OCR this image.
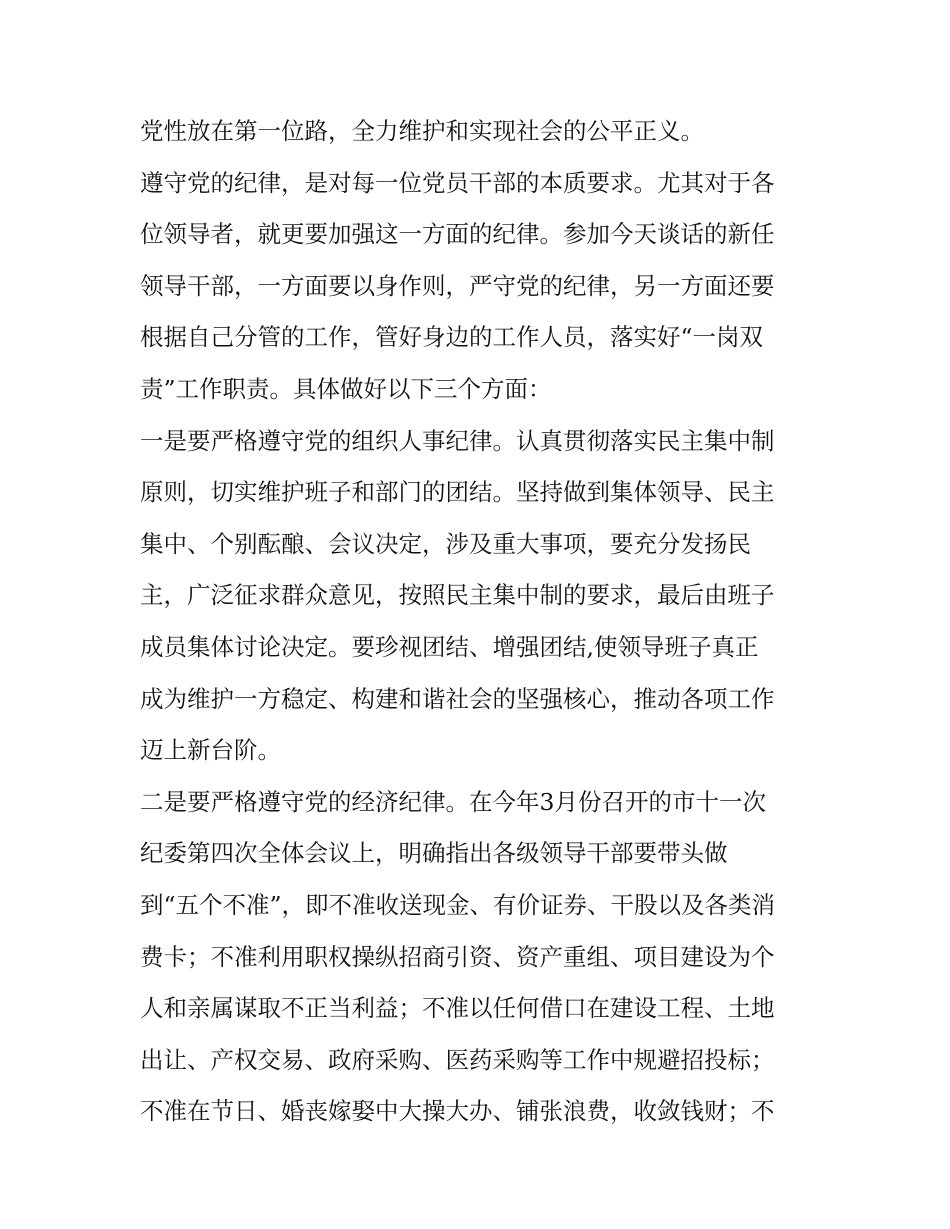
党性放在第一位路，全力维护和实现社会的公平正义。
遵守党的纪律，是对每一位党员干部的本质要求。尤其对于各
位领导者，就更要加强这一方面的纪律。参加今天谈话的新任
领导干部，一方面要以身作则，严守党的纪律，另一方面还要
根据自己分管的工作，管好身边的工作人员，落实好“一岗双
责”工作职责。具体做好以下三个方面：
一是要严格遵守党的组织人事纪律。认真贯彻落实民主集中制
原则，切实维护班子和部门的团结。坚持做到集体领导、民主
集中、个别酝酿、会议决定，涉及重大事项，要充分发扬民
主，广泛征求群众意见，按照民主集中制的要求，最后由班子
成员集体讨论决定。要珍视团结、增强团结,使领导班子真正
成为维护一方稳定、构建和谐社会的坚强核心，推动各项工作
迈上新台阶。
二是要严格遵守党的经济纪律。在今年3月份召开的市十一次
纪委第四次全体会议上，明确指出各级领导干部要带头做
到“五个不准”，即不准收送现金、有价证券、干股以及各类消
费卡；不准利用职权操纵招商引资、资产重组、项目建设为个
人和亲属谋取不正当利益；不准以任何借口在建设工程、土地
出让、产权交易、政府采购、医药采购等工作中规避招投标；
不准在节日、婚丧嫁娶中大操大办、铺张浪费，收敛钱财；不
